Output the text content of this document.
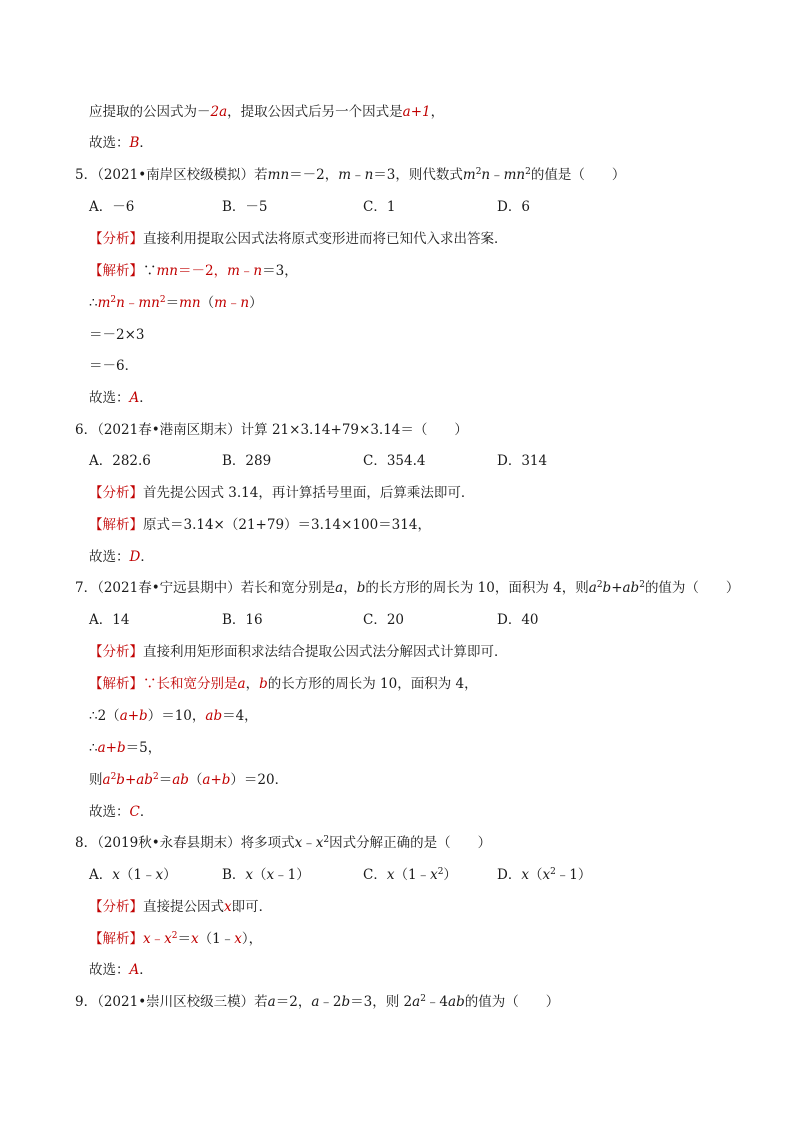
应提取的公因式为－2a，提取公因式后另一个因式是a+1，
故选：B．
5．（2021•南岸区校级模拟）若mn＝－2，m﹣n＝3，则代数式$m^2n﹣mn^2$的值是（　　）
A．－6	B．－5	C．1	D．6
【分析】直接利用提取公因式法将原式变形进而将已知代入求出答案．
【解析】∵mn＝－2，m﹣n＝3，
$\therefore m^2n﹣mn^2=mn(m﹣n)$
＝－2×3
＝－6．
故选：A．
6．（2021春•港南区期末）计算 21×3.14+79×3.14＝（　　）
A．282.6	B．289	C．354.4	D．314
【分析】首先提公因式 3.14，再计算括号里面，后算乘法即可．
【解析】原式＝3.14×（21+79）＝3.14×100＝314，
故选：D．
7．（2021春•宁远县期中）若长和宽分别是a，b的长方形的周长为 10，面积为 4，则$a^2b+ab^2$的值为（　　）
A．14	B．16	C．20	D．40
【分析】直接利用矩形面积求法结合提取公因式法分解因式计算即可．
【解析】∵长和宽分别是a，b的长方形的周长为 10，面积为 4，
∴2（a+b）＝10，ab＝4，
∴a+b＝5，
则$a^2b+ab^2=ab(a+b)=20$．
故选：C．
8．（2019秋•永春县期末）将多项式$x﹣x^2$因式分解正确的是（　　）
A．x（1﹣x）	B．x（x﹣1）	C．$x(1﹣x^2)$	D．$x(x^2﹣1)$
【分析】直接提公因式x即可．
【解析】$x﹣x^2=x(1﹣x)$，
故选：A．
9．（2021•崇川区校级三模）若a＝2，a﹣2b＝3，则 $2a^2﹣4ab$的值为（　　）
